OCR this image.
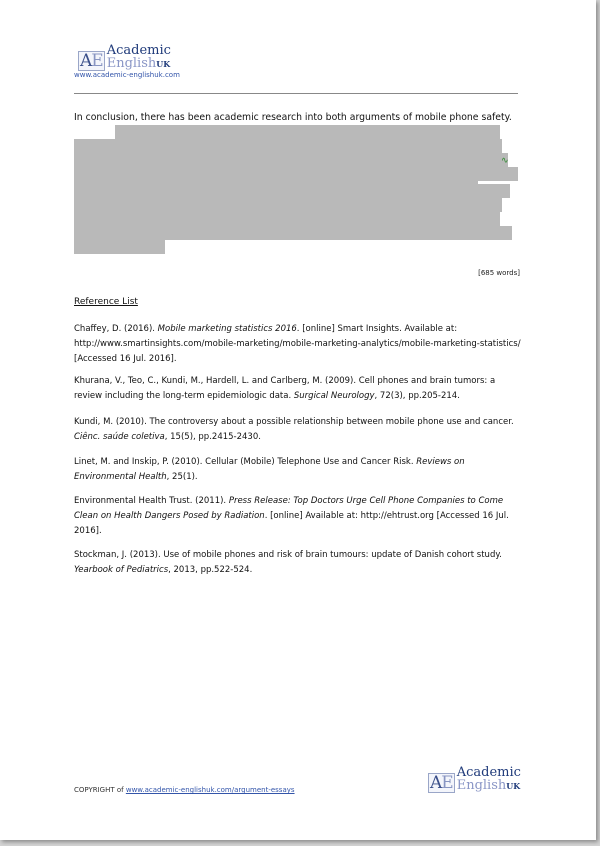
AE
Academic
EnglishUK
www.academic-englishuk.com
In conclusion, there has been academic research into both arguments of mobile phone safety.
∿
[685 words]
Reference List
Chaffey, D. (2016). Mobile marketing statistics 2016. [online] Smart Insights. Available at: http://www.smartinsights.com/mobile-marketing/mobile-marketing-analytics/mobile-marketing-statistics/ [Accessed 16 Jul. 2016].
Khurana, V., Teo, C., Kundi, M., Hardell, L. and Carlberg, M. (2009). Cell phones and brain tumors: a review including the long-term epidemiologic data. Surgical Neurology, 72(3), pp.205-214.
Kundi, M. (2010). The controversy about a possible relationship between mobile phone use and cancer. Ciênc. saúde coletiva, 15(5), pp.2415-2430.
Linet, M. and Inskip, P. (2010). Cellular (Mobile) Telephone Use and Cancer Risk. Reviews on Environmental Health, 25(1).
Environmental Health Trust. (2011). Press Release: Top Doctors Urge Cell Phone Companies to Come Clean on Health Dangers Posed by Radiation. [online] Available at: http://ehtrust.org [Accessed 16 Jul. 2016].
Stockman, J. (2013). Use of mobile phones and risk of brain tumours: update of Danish cohort study. Yearbook of Pediatrics, 2013, pp.522-524.
COPYRIGHT of www.academic-englishuk.com/argument-essays	AE
Academic
EnglishUK
